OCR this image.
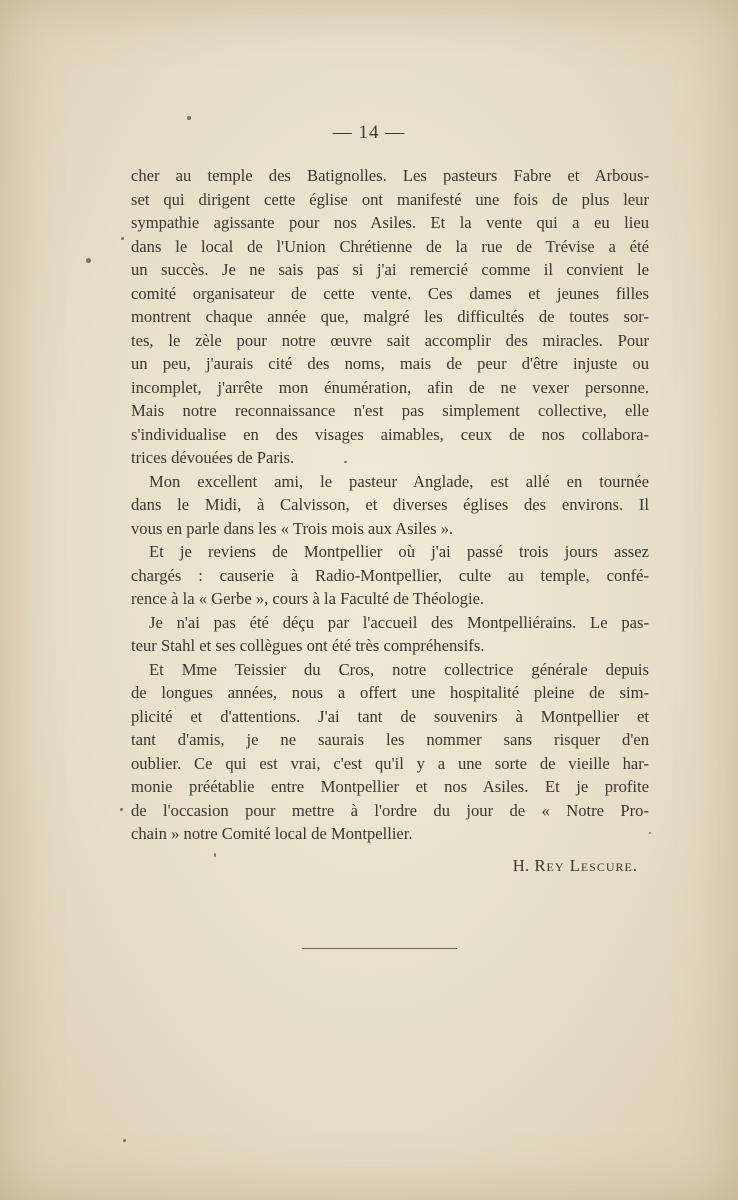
— 14 —
cher au temple des Batignolles. Les pasteurs Fabre et Arbous-
set qui dirigent cette église ont manifesté une fois de plus leur
sympathie agissante pour nos Asiles. Et la vente qui a eu lieu
dans le local de l'Union Chrétienne de la rue de Trévise a été
un succès. Je ne sais pas si j'ai remercié comme il convient le
comité organisateur de cette vente. Ces dames et jeunes filles
montrent chaque année que, malgré les difficultés de toutes sor-
tes, le zèle pour notre œuvre sait accomplir des miracles. Pour
un peu, j'aurais cité des noms, mais de peur d'être injuste ou
incomplet, j'arrête mon énumération, afin de ne vexer personne.
Mais notre reconnaissance n'est pas simplement collective, elle
s'individualise en des visages aimables, ceux de nos collabora-
trices dévouées de Paris.
Mon excellent ami, le pasteur Anglade, est allé en tournée
dans le Midi, à Calvisson, et diverses églises des environs. Il
vous en parle dans les « Trois mois aux Asiles ».
Et je reviens de Montpellier où j'ai passé trois jours assez
chargés : causerie à Radio-Montpellier, culte au temple, confé-
rence à la « Gerbe », cours à la Faculté de Théologie.
Je n'ai pas été déçu par l'accueil des Montpelliérains. Le pas-
teur Stahl et ses collègues ont été très compréhensifs.
Et Mme Teissier du Cros, notre collectrice générale depuis
de longues années, nous a offert une hospitalité pleine de sim-
plicité et d'attentions. J'ai tant de souvenirs à Montpellier et
tant d'amis, je ne saurais les nommer sans risquer d'en
oublier. Ce qui est vrai, c'est qu'il y a une sorte de vieille har-
monie préétablie entre Montpellier et nos Asiles. Et je profite
de l'occasion pour mettre à l'ordre du jour de « Notre Pro-
chain » notre Comité local de Montpellier.
H. Rey Lescure.
